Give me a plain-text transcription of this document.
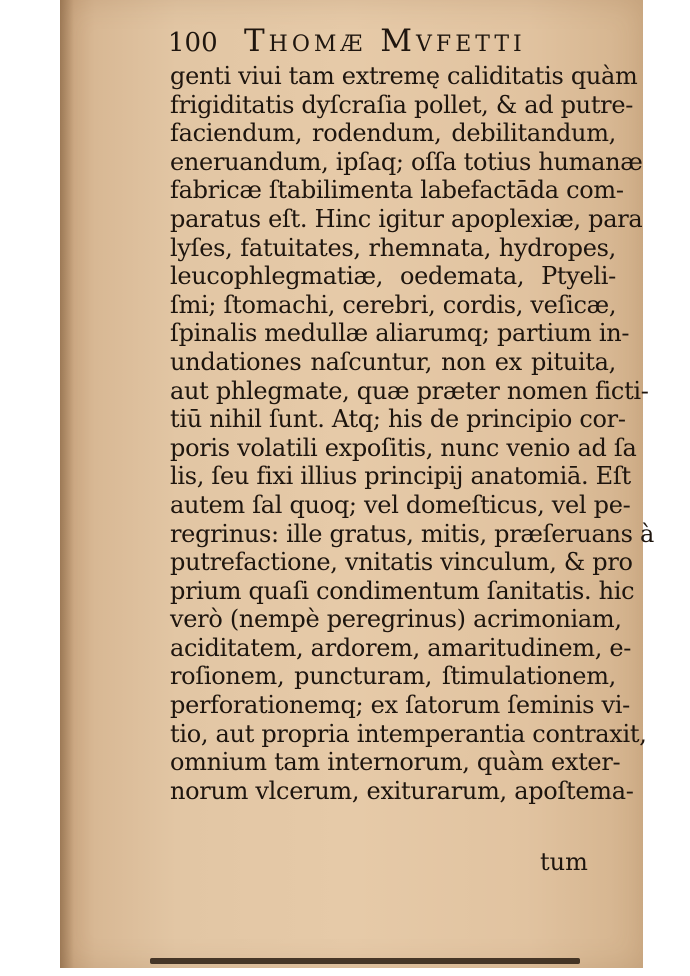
100 Thomæ Mvfetti
genti viui tam extremę caliditatis quàm
frigiditatis dyſcraſia pollet, & ad putre-
faciendum, rodendum, debilitandum,
eneruandum, ipſaq; oſſa totius humanæ
fabricæ ſtabilimenta labefactāda com-
paratus eſt. Hinc igitur apoplexiæ, para
lyſes, fatuitates, rhemnata, hydropes,
leucophlegmatiæ, oedemata, Ptyeli-
ſmi; ſtomachi, cerebri, cordis, veſicæ,
ſpinalis medullæ aliarumq; partium in-
undationes naſcuntur, non ex pituita,
aut phlegmate, quæ præter nomen ficti-
tiū nihil ſunt. Atq; his de principio cor-
poris volatili expoſitis, nunc venio ad ſa
lis, ſeu fixi illius principij anatomiā. Eſt
autem ſal quoq; vel domeſticus, vel pe-
regrinus: ille gratus, mitis, præſeruans à
putrefactione, vnitatis vinculum, & pro
prium quaſi condimentum ſanitatis. hic
verò (nempè peregrinus) acrimoniam,
aciditatem, ardorem, amaritudinem, e-
roſionem, puncturam, ſtimulationem,
perforationemq; ex ſatorum ſeminis vi-
tio, aut propria intemperantia contraxit,
omnium tam internorum, quàm exter-
norum vlcerum, exiturarum, apoſtema-
tum
